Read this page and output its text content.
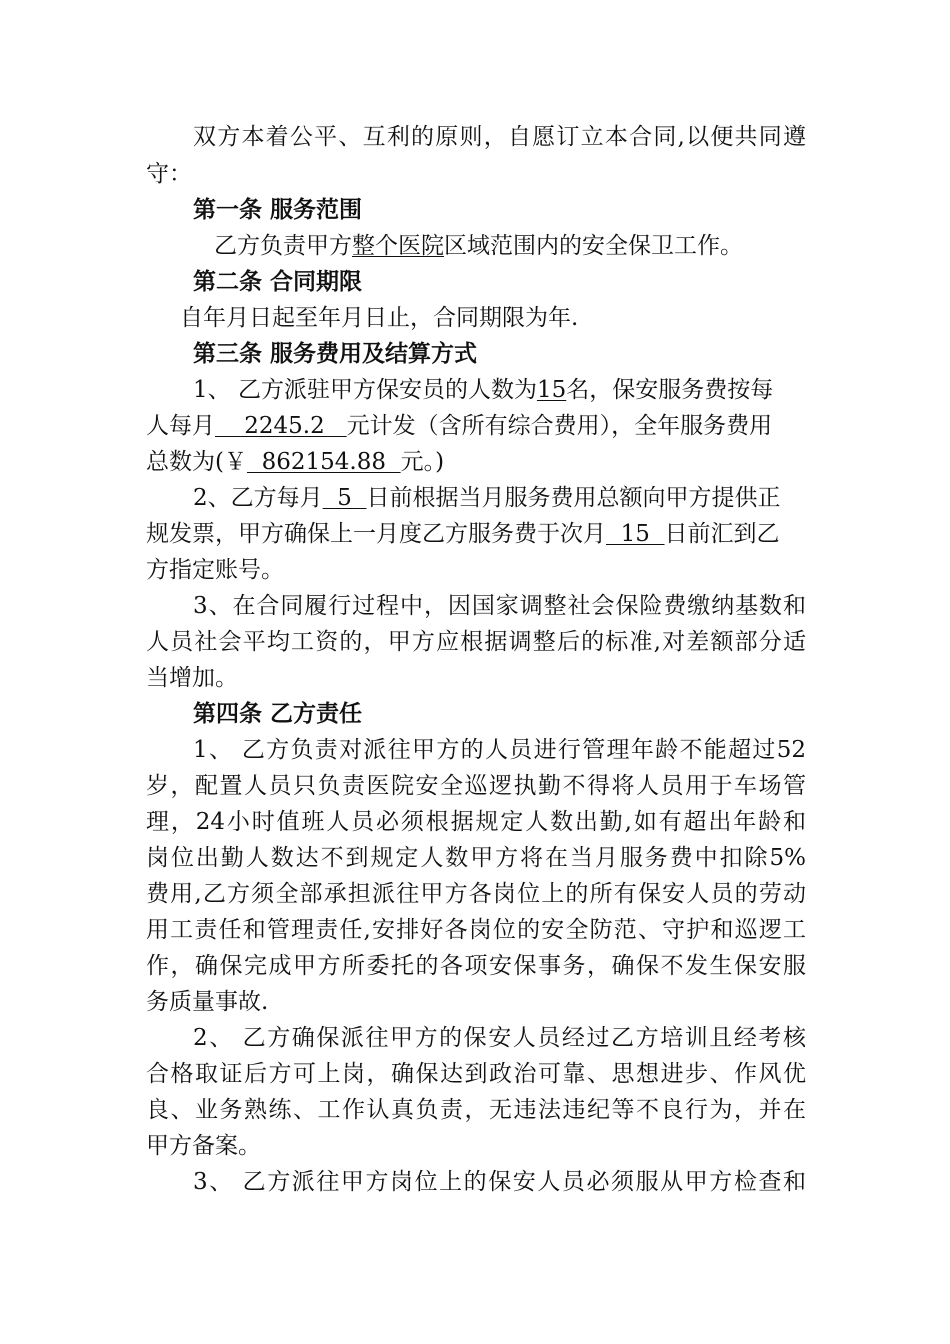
双方本着公平、互利的原则，自愿订立本合同,以便共同遵
守：
第一条 服务范围
乙方负责甲方整个医院区域范围内的安全保卫工作。
第二条 合同期限
自年月日起至年月日止，合同期限为年.
第三条 服务费用及结算方式
1、 乙方派驻甲方保安员的人数为15名，保安服务费按每
人每月    2245.2   元计发（含所有综合费用），全年服务费用
总数为(￥  862154.88  元。)
2、乙方每月  5  日前根据当月服务费用总额向甲方提供正
规发票，甲方确保上一月度乙方服务费于次月  15  日前汇到乙
方指定账号。
3、在合同履行过程中，因国家调整社会保险费缴纳基数和
人员社会平均工资的，甲方应根据调整后的标准,对差额部分适
当增加。
第四条 乙方责任
1、 乙方负责对派往甲方的人员进行管理年龄不能超过52
岁，配置人员只负责医院安全巡逻执勤不得将人员用于车场管
理，24小时值班人员必须根据规定人数出勤,如有超出年龄和
岗位出勤人数达不到规定人数甲方将在当月服务费中扣除5%
费用,乙方须全部承担派往甲方各岗位上的所有保安人员的劳动
用工责任和管理责任,安排好各岗位的安全防范、守护和巡逻工
作，确保完成甲方所委托的各项安保事务，确保不发生保安服
务质量事故.
2、 乙方确保派往甲方的保安人员经过乙方培训且经考核
合格取证后方可上岗，确保达到政治可靠、思想进步、作风优
良、业务熟练、工作认真负责，无违法违纪等不良行为，并在
甲方备案。
3、 乙方派往甲方岗位上的保安人员必须服从甲方检查和
